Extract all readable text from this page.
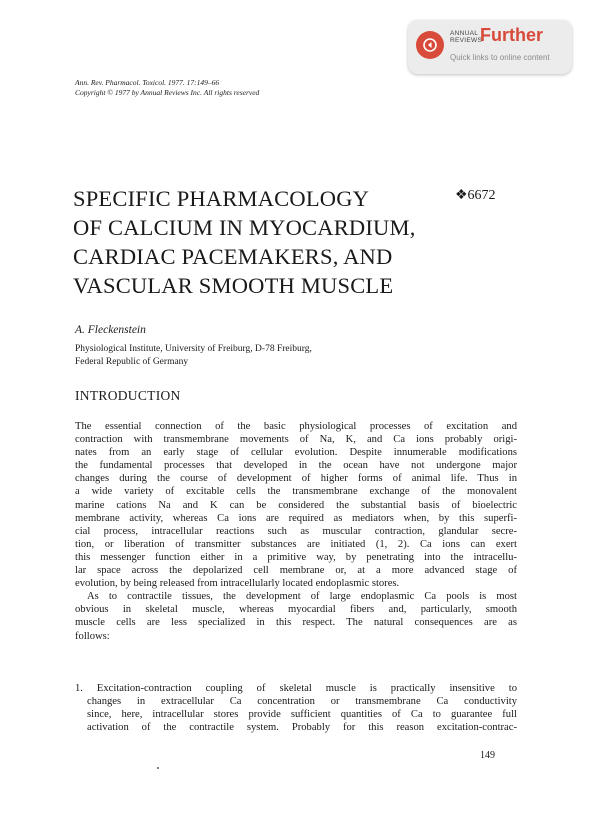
ANNUAL
REVIEWS
Further
Quick links to online content
Ann. Rev. Pharmacol. Toxicol. 1977. 17:149–66
Copyright © 1977 by Annual Reviews Inc. All rights reserved
SPECIFIC PHARMACOLOGY
OF CALCIUM IN MYOCARDIUM,
CARDIAC PACEMAKERS, AND
VASCULAR SMOOTH MUSCLE
❖6672
A. Fleckenstein
Physiological Institute, University of Freiburg, D-78 Freiburg,
Federal Republic of Germany
INTRODUCTION
The essential connection of the basic physiological processes of excitation and
contraction with transmembrane movements of Na, K, and Ca ions probably origi-
nates from an early stage of cellular evolution. Despite innumerable modifications
the fundamental processes that developed in the ocean have not undergone major
changes during the course of development of higher forms of animal life. Thus in
a wide variety of excitable cells the transmembrane exchange of the monovalent
marine cations Na and K can be considered the substantial basis of bioelectric
membrane activity, whereas Ca ions are required as mediators when, by this superfi-
cial process, intracellular reactions such as muscular contraction, glandular secre-
tion, or liberation of transmitter substances are initiated (1, 2). Ca ions can exert
this messenger function either in a primitive way, by penetrating into the intracellu-
lar space across the depolarized cell membrane or, at a more advanced stage of
evolution, by being released from intracellularly located endoplasmic stores.
As to contractile tissues, the development of large endoplasmic Ca pools is most
obvious in skeletal muscle, whereas myocardial fibers and, particularly, smooth
muscle cells are less specialized in this respect. The natural consequences are as
follows:
1. Excitation-contraction coupling of skeletal muscle is practically insensitive to
changes in extracellular Ca concentration or transmembrane Ca conductivity
since, here, intracellular stores provide sufficient quantities of Ca to guarantee full
activation of the contractile system. Probably for this reason excitation-contrac-
149
